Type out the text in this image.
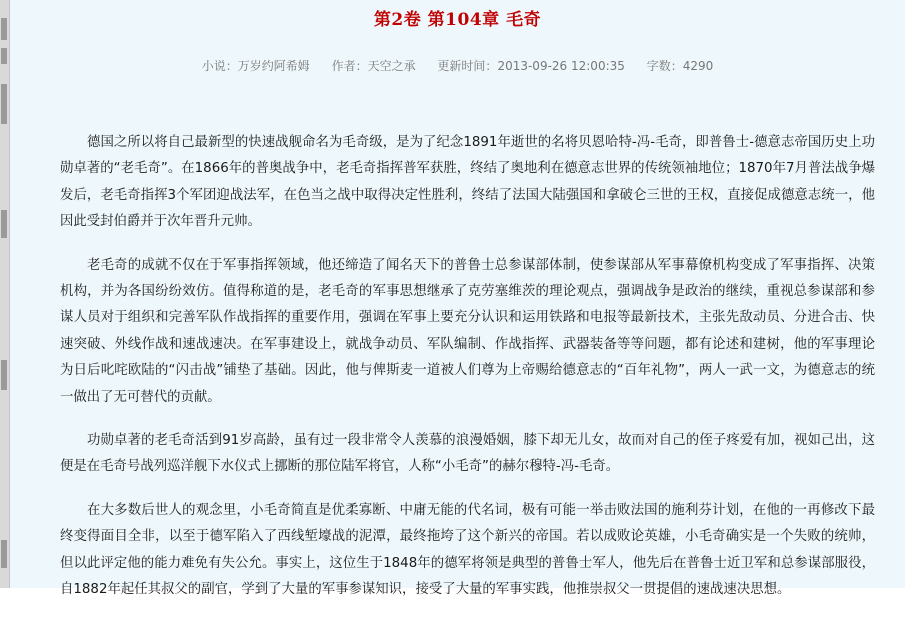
第2卷 第104章 毛奇
小说：万岁约阿希姆 作者：天空之承 更新时间：2013-09-26 12:00:35 字数：4290

德国之所以将自己最新型的快速战舰命名为毛奇级，是为了纪念1891年逝世的名将贝恩哈特-冯-毛奇，即普鲁士-德意志帝国历史上功勋卓著的“老毛奇”。在1866年的普奥战争中，老毛奇指挥普军获胜，终结了奥地利在德意志世界的传统领袖地位；1870年7月普法战争爆发后，老毛奇指挥3个军团迎战法军，在色当之战中取得决定性胜利，终结了法国大陆强国和拿破仑三世的王权，直接促成德意志统一，他因此受封伯爵并于次年晋升元帅。

老毛奇的成就不仅在于军事指挥领域，他还缔造了闻名天下的普鲁士总参谋部体制，使参谋部从军事幕僚机构变成了军事指挥、决策机构，并为各国纷纷效仿。值得称道的是，老毛奇的军事思想继承了克劳塞维茨的理论观点，强调战争是政治的继续，重视总参谋部和参谋人员对于组织和完善军队作战指挥的重要作用，强调在军事上要充分认识和运用铁路和电报等最新技术，主张先敌动员、分进合击、快速突破、外线作战和速战速决。在军事建设上，就战争动员、军队编制、作战指挥、武器装备等等问题，都有论述和建树，他的军事理论为日后叱咤欧陆的“闪击战”铺垫了基础。因此，他与俾斯麦一道被人们尊为上帝赐给德意志的“百年礼物”，两人一武一文，为德意志的统一做出了无可替代的贡献。

功勋卓著的老毛奇活到91岁高龄，虽有过一段非常令人羡慕的浪漫婚姻，膝下却无儿女，故而对自己的侄子疼爱有加，视如己出，这便是在毛奇号战列巡洋舰下水仪式上挪断的那位陆军将官，人称“小毛奇”的赫尔穆特-冯-毛奇。

在大多数后世人的观念里，小毛奇简直是优柔寡断、中庸无能的代名词，极有可能一举击败法国的施利芬计划，在他的一再修改下最终变得面目全非，以至于德军陷入了西线堑壕战的泥潭，最终拖垮了这个新兴的帝国。若以成败论英雄，小毛奇确实是一个失败的统帅，但以此评定他的能力难免有失公允。事实上，这位生于1848年的德军将领是典型的普鲁士军人，他先后在普鲁士近卫军和总参谋部服役，自1882年起任其叔父的副官，学到了大量的军事参谋知识，接受了大量的军事实践，他推崇叔父一贯提倡的速战速决思想。
